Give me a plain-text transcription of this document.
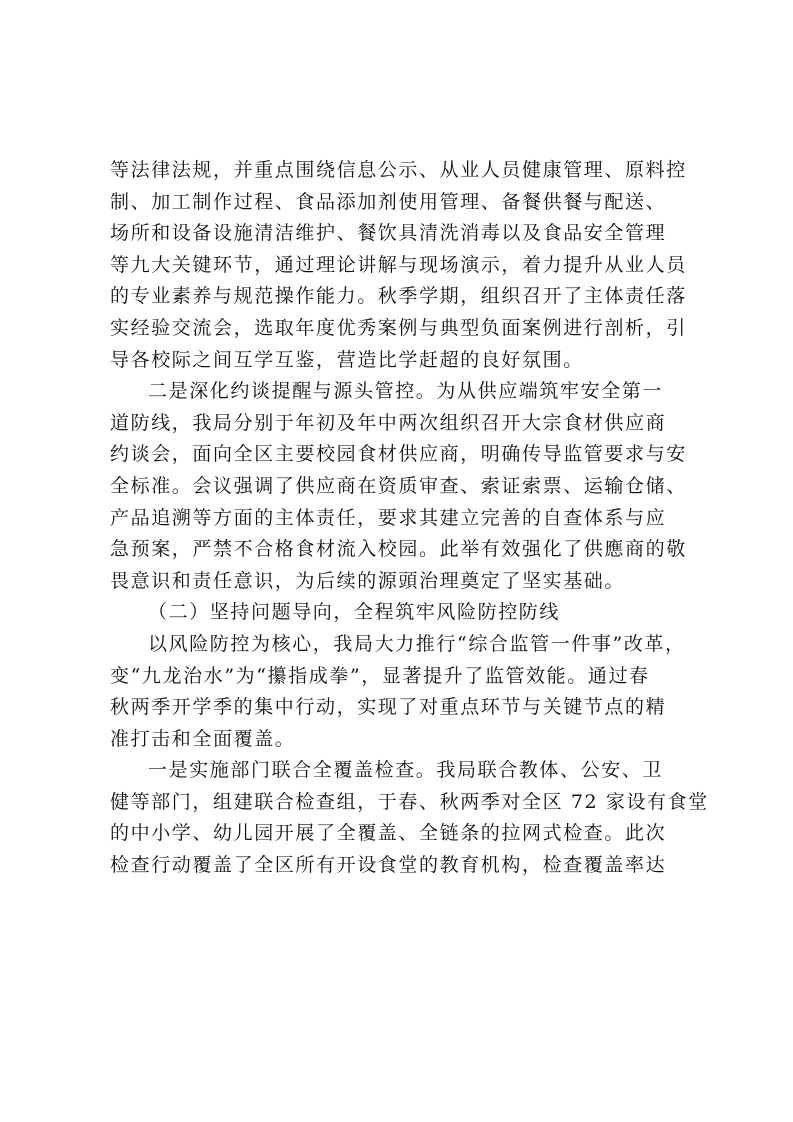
等法律法规，并重点围绕信息公示、从业人员健康管理、原料控
制、加工制作过程、食品添加剂使用管理、备餐供餐与配送、
场所和设备设施清洁维护、餐饮具清洗消毒以及食品安全管理
等九大关键环节，通过理论讲解与现场演示，着力提升从业人员
的专业素养与规范操作能力。秋季学期，组织召开了主体责任落
实经验交流会，选取年度优秀案例与典型负面案例进行剖析，引
导各校际之间互学互鉴，营造比学赶超的良好氛围。
二是深化约谈提醒与源头管控。为从供应端筑牢安全第一
道防线，我局分别于年初及年中两次组织召开大宗食材供应商
约谈会，面向全区主要校园食材供应商，明确传导监管要求与安
全标准。会议强调了供应商在资质审查、索证索票、运输仓储、
产品追溯等方面的主体责任，要求其建立完善的自查体系与应
急预案，严禁不合格食材流入校园。此举有效强化了供應商的敬
畏意识和责任意识，为后续的源頭治理奠定了坚实基础。
（二）坚持问题导向，全程筑牢风险防控防线
以风险防控为核心，我局大力推行“综合监管一件事”改革，
变“九龙治水”为“攥指成拳”，显著提升了监管效能。通过春
秋两季开学季的集中行动，实现了对重点环节与关键节点的精
准打击和全面覆盖。
一是实施部门联合全覆盖检查。我局联合教体、公安、卫
健等部门，组建联合检查组，于春、秋两季对全区 72 家设有食堂
的中小学、幼儿园开展了全覆盖、全链条的拉网式检查。此次
检查行动覆盖了全区所有开设食堂的教育机构，检查覆盖率达
